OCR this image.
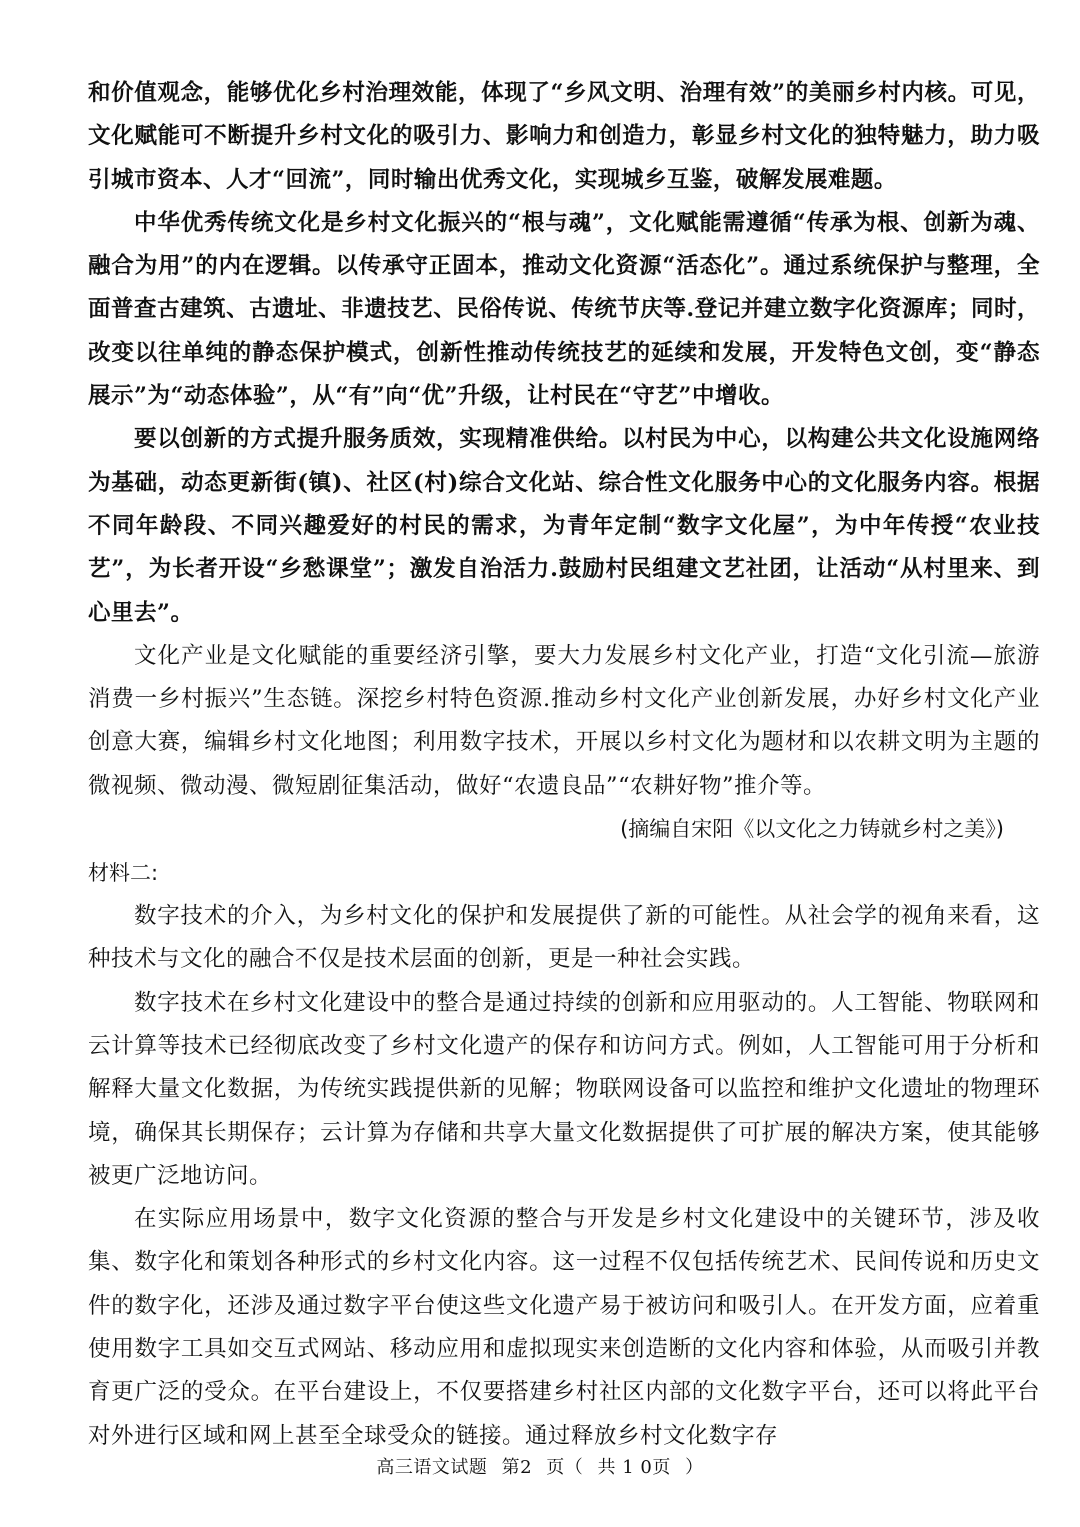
和价值观念，能够优化乡村治理效能，体现了“乡风文明、治理有效”的美丽乡村内核。可见，文化赋能可不断提升乡村文化的吸引力、影响力和创造力，彰显乡村文化的独特魅力，助力吸引城市资本、人才“回流”，同时输出优秀文化，实现城乡互鉴，破解发展难题。

中华优秀传统文化是乡村文化振兴的“根与魂”，文化赋能需遵循“传承为根、创新为魂、融合为用”的内在逻辑。以传承守正固本，推动文化资源“活态化”。通过系统保护与整理，全面普查古建筑、古遗址、非遗技艺、民俗传说、传统节庆等.登记并建立数字化资源库；同时，改变以往单纯的静态保护模式，创新性推动传统技艺的延续和发展，开发特色文创，变“静态展示”为“动态体验”，从“有”向“优”升级，让村民在“守艺”中增收。

要以创新的方式提升服务质效，实现精准供给。以村民为中心，以构建公共文化设施网络为基础，动态更新街(镇)、社区(村)综合文化站、综合性文化服务中心的文化服务内容。根据不同年龄段、不同兴趣爱好的村民的需求，为青年定制“数字文化屋”，为中年传授“农业技艺”，为长者开设“乡愁课堂”；激发自治活力.鼓励村民组建文艺社团，让活动“从村里来、到心里去”。

文化产业是文化赋能的重要经济引擎，要大力发展乡村文化产业，打造“文化引流—旅游消费一乡村振兴”生态链。深挖乡村特色资源.推动乡村文化产业创新发展，办好乡村文化产业创意大赛，编辑乡村文化地图；利用数字技术，开展以乡村文化为题材和以农耕文明为主题的微视频、微动漫、微短剧征集活动，做好“农遗良品”“农耕好物”推介等。

(摘编自宋阳《以文化之力铸就乡村之美》)

材料二:

数字技术的介入，为乡村文化的保护和发展提供了新的可能性。从社会学的视角来看，这种技术与文化的融合不仅是技术层面的创新，更是一种社会实践。

数字技术在乡村文化建设中的整合是通过持续的创新和应用驱动的。人工智能、物联网和云计算等技术已经彻底改变了乡村文化遗产的保存和访问方式。例如，人工智能可用于分析和解释大量文化数据，为传统实践提供新的见解；物联网设备可以监控和维护文化遗址的物理环境，确保其长期保存；云计算为存储和共享大量文化数据提供了可扩展的解决方案，使其能够被更广泛地访问。

在实际应用场景中，数字文化资源的整合与开发是乡村文化建设中的关键环节，涉及收集、数字化和策划各种形式的乡村文化内容。这一过程不仅包括传统艺术、民间传说和历史文件的数字化，还涉及通过数字平台使这些文化遗产易于被访问和吸引人。在开发方面，应着重使用数字工具如交互式网站、移动应用和虚拟现实来创造断的文化内容和体验，从而吸引并教育更广泛的受众。在平台建设上，不仅要搭建乡村社区内部的文化数字平台，还可以将此平台对外进行区域和网上甚至全球受众的链接。通过释放乡村文化数字存

高三语文试题 第2 页（ 共 1 0页 ）
